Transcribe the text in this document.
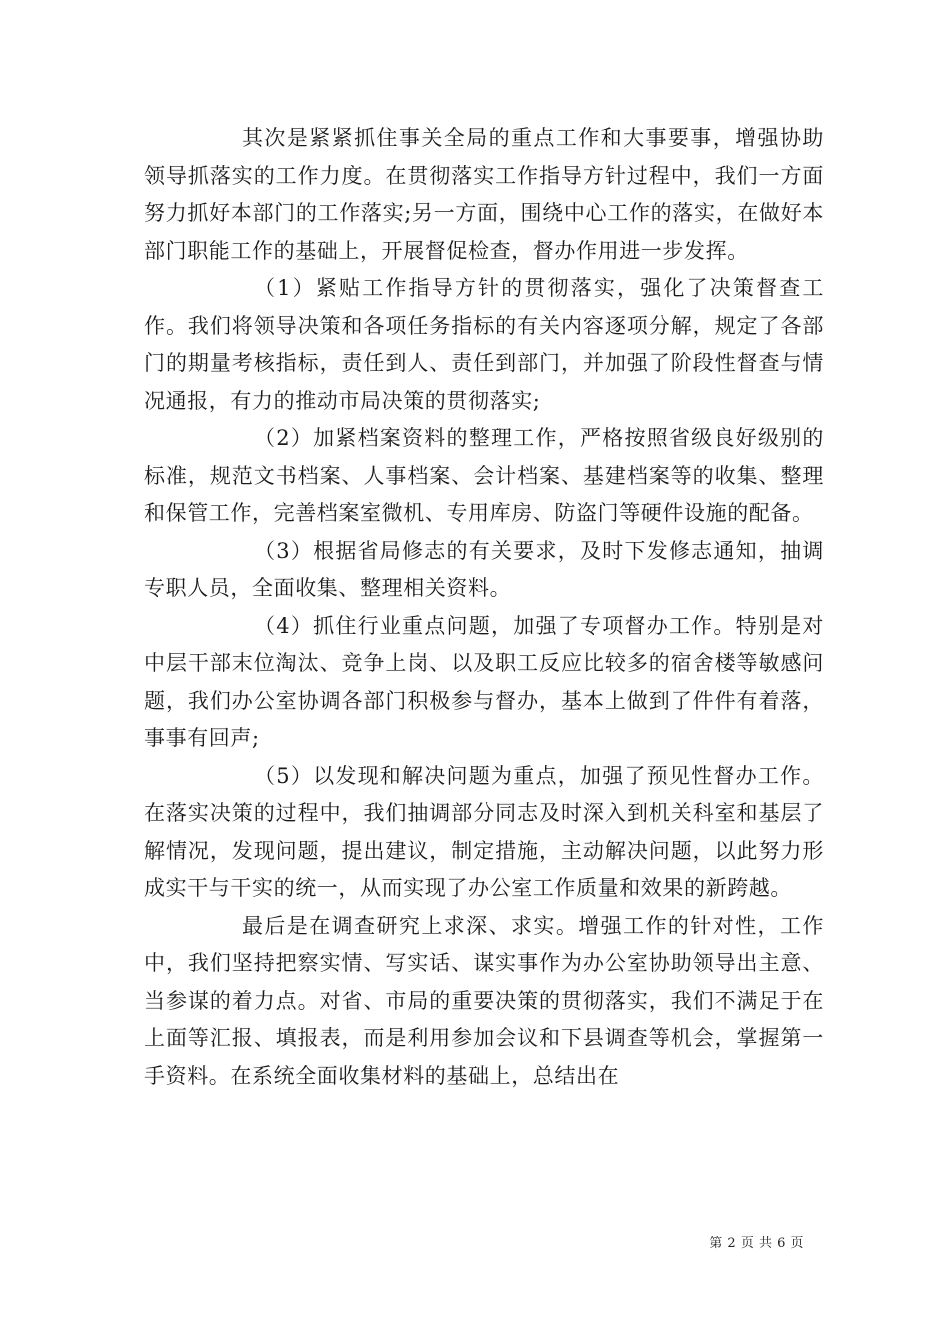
其次是紧紧抓住事关全局的重点工作和大事要事，增强协助领导抓落实的工作力度。在贯彻落实工作指导方针过程中，我们一方面努力抓好本部门的工作落实;另一方面，围绕中心工作的落实，在做好本部门职能工作的基础上，开展督促检查，督办作用进一步发挥。

（1）紧贴工作指导方针的贯彻落实，强化了决策督查工作。我们将领导决策和各项任务指标的有关内容逐项分解，规定了各部门的期量考核指标，责任到人、责任到部门，并加强了阶段性督查与情况通报，有力的推动市局决策的贯彻落实;

（2）加紧档案资料的整理工作，严格按照省级良好级别的标准，规范文书档案、人事档案、会计档案、基建档案等的收集、整理和保管工作，完善档案室微机、专用库房、防盗门等硬件设施的配备。

（3）根据省局修志的有关要求，及时下发修志通知，抽调专职人员，全面收集、整理相关资料。

（4）抓住行业重点问题，加强了专项督办工作。特别是对中层干部末位淘汰、竞争上岗、以及职工反应比较多的宿舍楼等敏感问题，我们办公室协调各部门积极参与督办，基本上做到了件件有着落，事事有回声;

（5）以发现和解决问题为重点，加强了预见性督办工作。在落实决策的过程中，我们抽调部分同志及时深入到机关科室和基层了解情况，发现问题，提出建议，制定措施，主动解决问题，以此努力形成实干与干实的统一，从而实现了办公室工作质量和效果的新跨越。

最后是在调查研究上求深、求实。增强工作的针对性，工作中，我们坚持把察实情、写实话、谋实事作为办公室协助领导出主意、当参谋的着力点。对省、市局的重要决策的贯彻落实，我们不满足于在上面等汇报、填报表，而是利用参加会议和下县调查等机会，掌握第一手资料。在系统全面收集材料的基础上，总结出在

第 2 页 共 6 页
